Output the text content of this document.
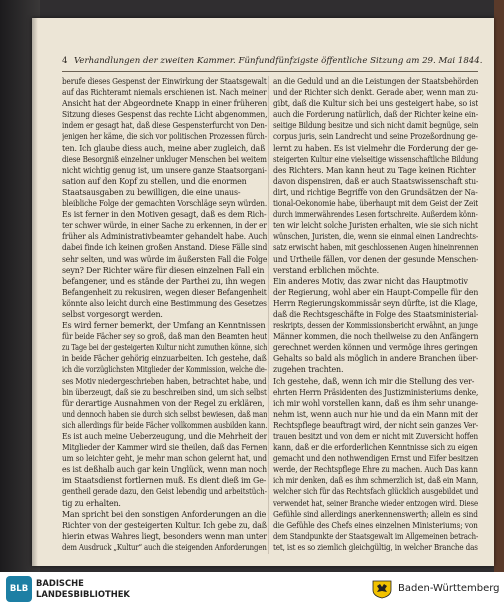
4 Verhandlungen der zweiten Kammer. Fünfundfünfzigste öffentliche Sitzung am 29. Mai 1844.
berufe dieses Gespenst der Einwirkung der Staatsgewalt
auf das Richteramt niemals erschienen ist. Nach meiner
Ansicht hat der Abgeordnete Knapp in einer früheren
Sitzung dieses Gespenst das rechte Licht abgenommen,
indem er gesagt hat, daß diese Gespensterfurcht von Den-
jenigen her käme, die sich vor politischen Prozessen fürch-
ten. Ich glaube diess auch, meine aber zugleich, daß
diese Besorgniß einzelner unkluger Menschen bei weitem
nicht wichtig genug ist, um unsere ganze Staatsorgani-
sation auf den Kopf zu stellen, und die enormen
Staatsausgaben zu bewilligen, die eine unaus-
bleibliche Folge der gemachten Vorschläge seyn würden.
Es ist ferner in den Motiven gesagt, daß es dem Rich-
ter schwer würde, in einer Sache zu erkennen, in der er
früher als Administrativbeamter gehandelt habe. Auch
dabei finde ich keinen großen Anstand. Diese Fälle sind
sehr selten, und was würde im äußersten Fall die Folge
seyn? Der Richter wäre für diesen einzelnen Fall ein
befangener, und es stände der Parthei zu, ihn wegen
Befangenheit zu rekusiren, wegen dieser Befangenheit
könnte also leicht durch eine Bestimmung des Gesetzes
selbst vorgesorgt werden.
Es wird ferner bemerkt, der Umfang an Kenntnissen
für beide Fächer sey so groß, daß man den Beamten heut
zu Tage bei der gesteigerten Kultur nicht zumuthen könne, sich
in beide Fächer gehörig einzuarbeiten. Ich gestehe, daß
ich die vorzüglichsten Mitglieder der Kommission, welche die-
ses Motiv niedergeschrieben haben, betrachtet habe, und
bin überzeugt, daß sie zu beschreiben sind, um sich selbst
für derartige Ausnahmen von der Regel zu erklären,
und dennoch haben sie durch sich selbst bewiesen, daß man
sich allerdings für beide Fächer vollkommen ausbilden kann.
Es ist auch meine Ueberzeugung, und die Mehrheit der
Mitglieder der Kammer wird sie theilen, daß das Fernen
um so leichter geht, je mehr man schon gelernt hat, und
es ist deßhalb auch gar kein Unglück, wenn man noch
im Staatsdienst fortlernen muß. Es dient dieß im Ge-
gentheil gerade dazu, den Geist lebendig und arbeitstüch-
tig zu erhalten.
Man spricht bei den sonstigen Anforderungen an die
Richter von der gesteigerten Kultur. Ich gebe zu, daß
hierin etwas Wahres liegt, besonders wenn man unter
dem Ausdruck „Kultur“ auch die steigenden Anforderungen
an die Geduld und an die Leistungen der Staatsbehörden
und der Richter sich denkt. Gerade aber, wenn man zu-
gibt, daß die Kultur sich bei uns gesteigert habe, so ist
auch die Forderung natürlich, daß der Richter keine ein-
seitige Bildung besitze und sich nicht damit begnüge, sein
corpus juris, sein Landrecht und seine Prozeßordnung ge-
lernt zu haben. Es ist vielmehr die Forderung der ge-
steigerten Kultur eine vielseitige wissenschaftliche Bildung
des Richters. Man kann heut zu Tage keinen Richter
davon dispensiren, daß er auch Staatswissenschaft stu-
dirt, und richtige Begriffe von den Grundsätzen der Na-
tional-Oekonomie habe, überhaupt mit dem Geist der Zeit
durch immerwährendes Lesen fortschreite. Außerdem könn-
ten wir leicht solche Juristen erhalten, wie sie sich nicht
wünschen, Juristen, die, wenn sie einmal einen Landrechts-
satz erwischt haben, mit geschlossenen Augen hineinrennen
und Urtheile fällen, vor denen der gesunde Menschen-
verstand erblichen möchte.
Ein anderes Motiv, das zwar nicht das Hauptmotiv
der Regierung, wohl aber ein Haupt-Compelle für den
Herrn Regierungskommissär seyn dürfte, ist die Klage,
daß die Rechtsgeschäfte in Folge des Staatsministerial-
reskripts, dessen der Kommissionsbericht erwähnt, an junge
Männer kommen, die noch theilweise zu den Anfängern
gerechnet werden können und vermöge ihres geringen
Gehalts so bald als möglich in andere Branchen über-
zugehen trachten.
Ich gestehe, daß, wenn ich mir die Stellung des ver-
ehrten Herrn Präsidenten des Justizministeriums denke,
ich mir wohl vorstellen kann, daß es ihm sehr unange-
nehm ist, wenn auch nur hie und da ein Mann mit der
Rechtspflege beauftragt wird, der nicht sein ganzes Ver-
trauen besitzt und von dem er nicht mit Zuversicht hoffen
kann, daß er die erforderlichen Kenntnisse sich zu eigen
gemacht und den nothwendigen Ernst und Eifer besitzen
werde, der Rechtspflege Ehre zu machen. Auch Das kann
ich mir denken, daß es ihm schmerzlich ist, daß ein Mann,
welcher sich für das Rechtsfach glücklich ausgebildet und
verwendet hat, seiner Branche wieder entzogen wird. Diese
Gefühle sind allerdings anerkennenswerth; allein es sind
die Gefühle des Chefs eines einzelnen Ministeriums; von
dem Standpunkte der Staatsgewalt im Allgemeinen betrach-
tet, ist es so ziemlich gleichgültig, in welcher Branche das
BLB
BADISCHE
LANDESBIBLIOTHEK	Baden-Württemberg
